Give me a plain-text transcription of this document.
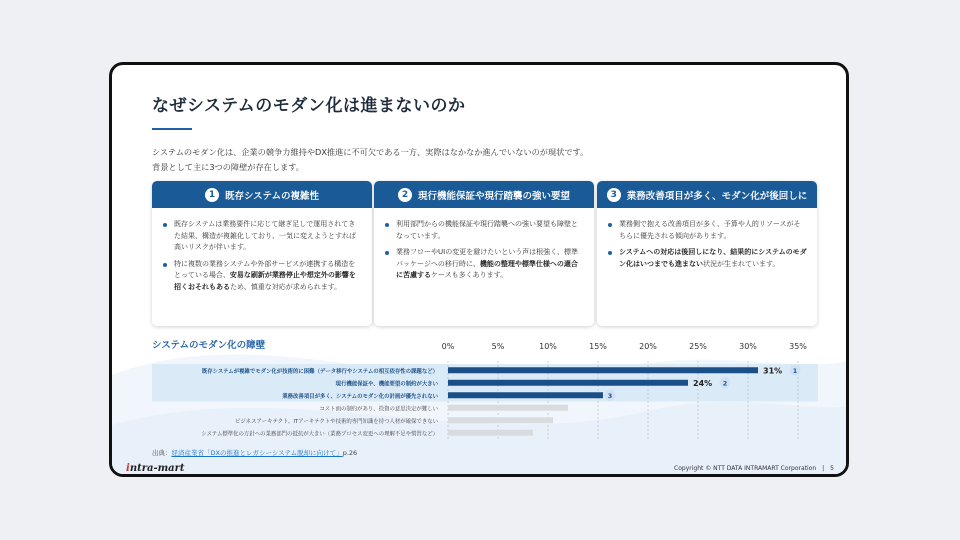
なぜシステムのモダン化は進まないのか

システムのモダン化は、企業の競争力維持やDX推進に不可欠である一方、実際はなかなか進んでいないのが現状です。

背景として主に3つの障壁が存在します。

1	既存システムの複雑性
既存システムは業務要件に応じて継ぎ足しで運用されてきた結果、構造が複雑化しており、一気に変えようとすれば高いリスクが伴います。
特に複数の業務システムや外部サービスが連携する構造をとっている場合、安易な刷新が業務停止や想定外の影響を招くおそれもあるため、慎重な対応が求められます。
2	現行機能保証や現行踏襲の強い要望
利用部門からの機能保証や現行踏襲への強い要望も障壁となっています。
業務フローやUIの変更を避けたいという声は根強く、標準パッケージへの移行時に、機能の整理や標準仕様への適合に苦慮するケースも多くあります。
3	業務改善項目が多く、モダン化が後回しに
業務側で抱える改善項目が多く、予算や人的リソースがそちらに優先される傾向があります。
システムへの対応は後回しになり、結果的にシステムのモダン化はいつまでも進まない状況が生まれています。
システムのモダン化の障壁	0%	5%	10%	15%	20%	25%	30%	35%
既存システムが複雑でモダン化が技術的に困難（データ移行やシステムの相互依存性の課題など）	31% 1
現行機能保証や、機能要望の制約が大きい	24% 2
業務改善項目が多く、システムのモダン化の計画が優先されない	3
コスト面の制約があり、投資の意思決定が難しい
ビジネスアーキテクト、ITアーキテクトや技術的専門知識を持つ人材が確保できない
システム標準化の方針への業務部門の抵抗が大きい（業務プロセス変更への理解不足や慣習など）
出典：経済産業省「DXの推進とレガシーシステム脱却に向けて」p.26
intra-mart	Copyright © NTT DATA INTRAMART Corporation | 5
